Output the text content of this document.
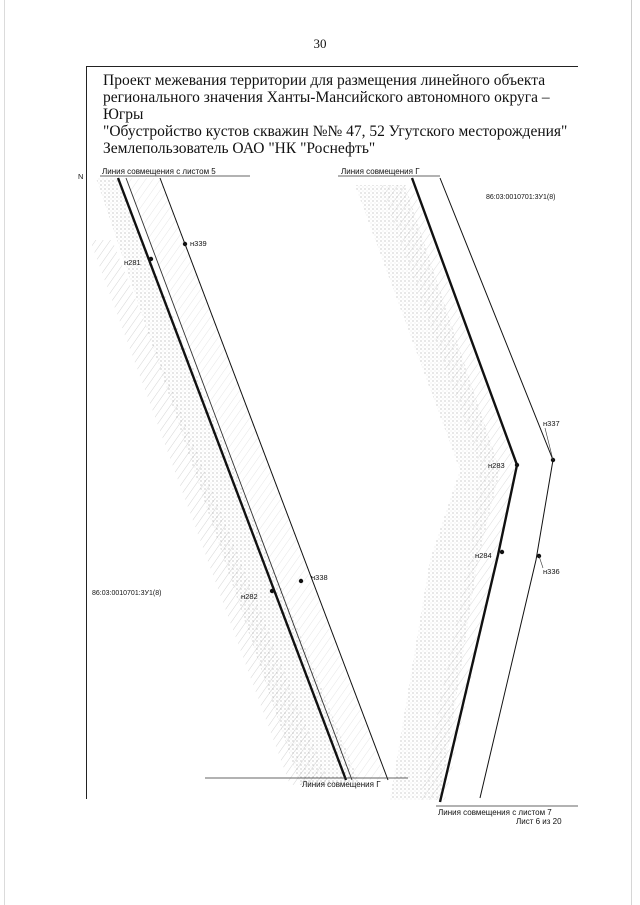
30
Проект межевания территории для размещения линейного объекта
регионального значения Ханты-Мансийского автономного округа –
Югры
"Обустройство кустов скважин №№ 47, 52 Угутского месторождения"
Землепользователь ОАО "НК "Роснефть"
N
Линия совмещения с листом 5	Линия совмещения Г
Линия совмещения Г
Линия совмещения с листом 7
86:03:0010701:3У1(8)
86:03:0010701:3У1(8)
н339
н281
н338
н282
н337
н283
н284
н336
Лист 6 из 20
